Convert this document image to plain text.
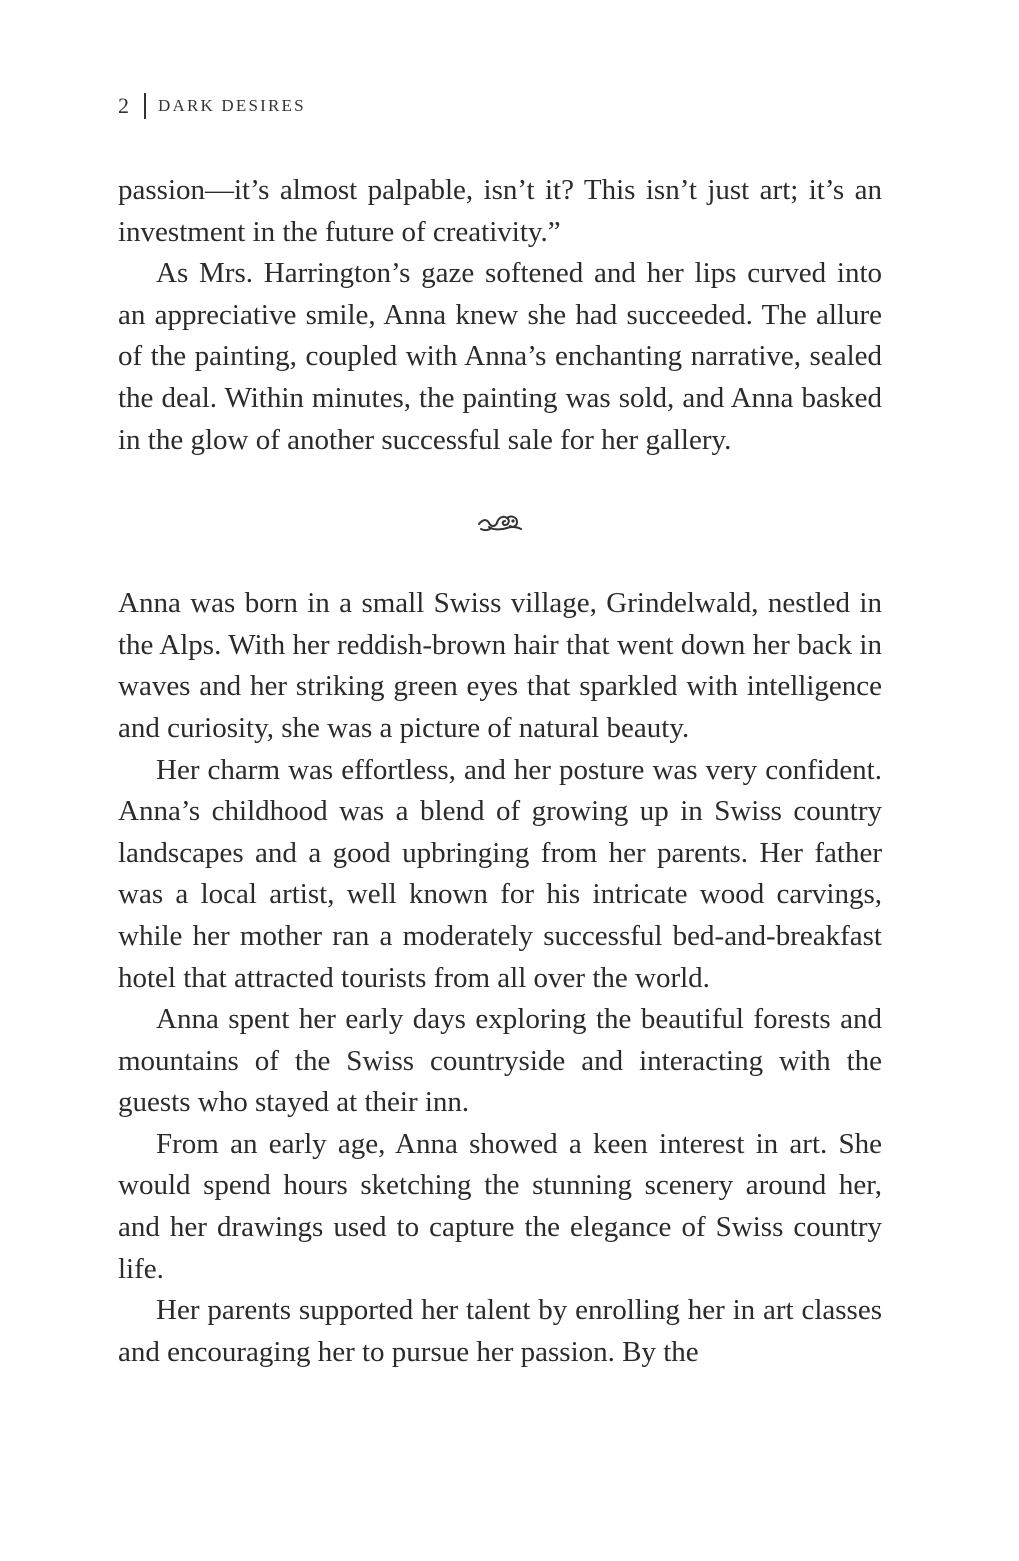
2 DARK DESIRES

passion—it’s almost palpable, isn’t it? This isn’t just art; it’s an investment in the future of creativity.”

As Mrs. Harrington’s gaze softened and her lips curved into an appreciative smile, Anna knew she had succeeded. The allure of the painting, coupled with Anna’s enchanting narrative, sealed the deal. Within minutes, the painting was sold, and Anna basked in the glow of another successful sale for her gallery.

Anna was born in a small Swiss village, Grindelwald, nestled in the Alps. With her reddish-brown hair that went down her back in waves and her striking green eyes that sparkled with intelligence and curiosity, she was a picture of natural beauty.

Her charm was effortless, and her posture was very confident. Anna’s childhood was a blend of growing up in Swiss country landscapes and a good upbringing from her parents. Her father was a local artist, well known for his intricate wood carvings, while her mother ran a moderately successful bed-and-breakfast hotel that attracted tourists from all over the world.

Anna spent her early days exploring the beautiful forests and mountains of the Swiss countryside and interacting with the guests who stayed at their inn.

From an early age, Anna showed a keen interest in art. She would spend hours sketching the stunning scenery around her, and her drawings used to capture the elegance of Swiss country life.

Her parents supported her talent by enrolling her in art classes and encouraging her to pursue her passion. By the
